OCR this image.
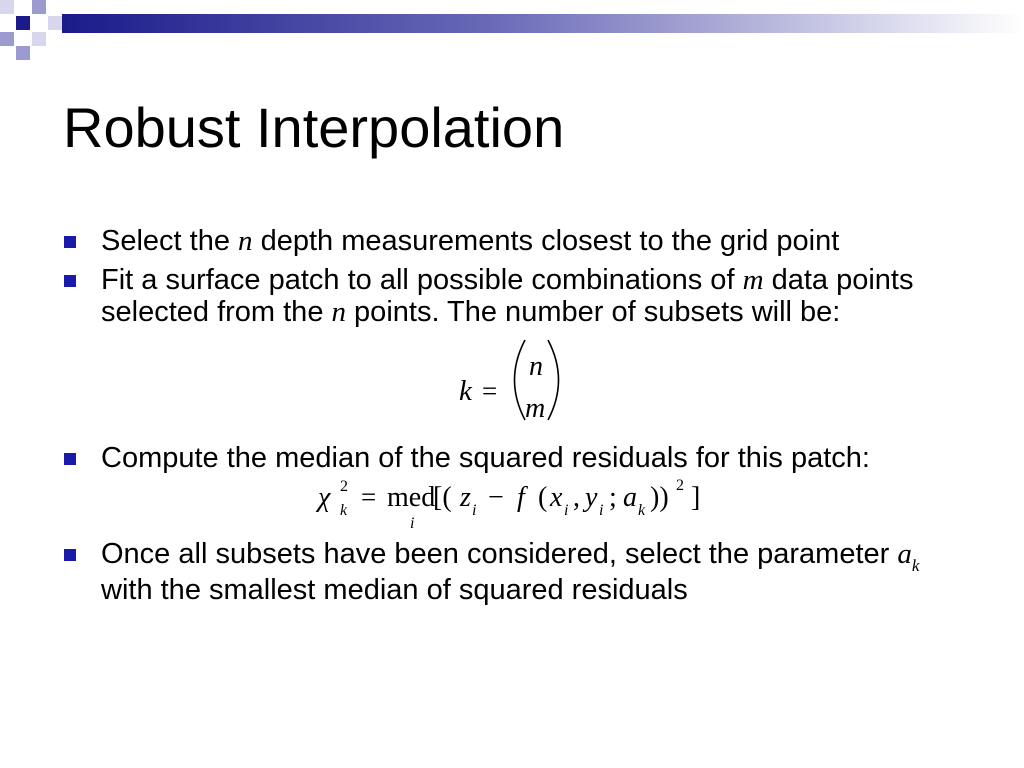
Robust Interpolation
Select the n depth measurements closest to the grid point
Fit a surface patch to all possible combinations of m data points selected from the n points. The number of subsets will be:
k =
n
m
Compute the median of the squared residuals for this patch:
χ 2
k = med
i
[( z i − f ( x i , y i ; a k )) 2 ]
Once all subsets have been considered, select the parameter $a_k$ with the smallest median of squared residuals
